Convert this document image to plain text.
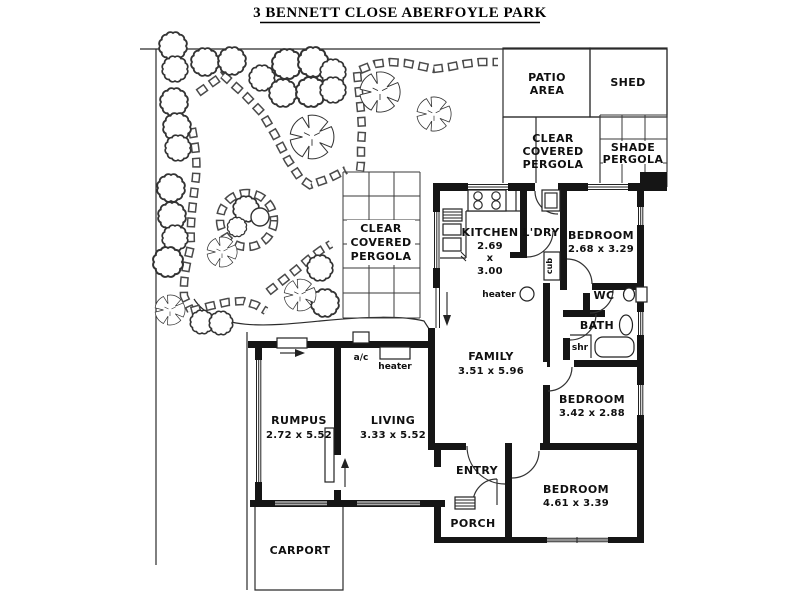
3 BENNETT CLOSE ABERFOYLE PARK
PATIO
AREA
SHED
CLEAR
COVERED
PERGOLA
SHADE
PERGOLA
CLEAR
COVERED
PERGOLA
cub
heater
a/c
heater
CARPORT
KITCHEN
2.69
x
3.00
L'DRY BEDROOM
2.68 x 3.29
WC
BATH
shr
FAMILY
3.51 x 5.96
BEDROOM
3.42 x 2.88
BEDROOM
4.61 x 3.39
ENTRY
PORCH
RUMPUS
2.72 x 5.52
LIVING
3.33 x 5.52
